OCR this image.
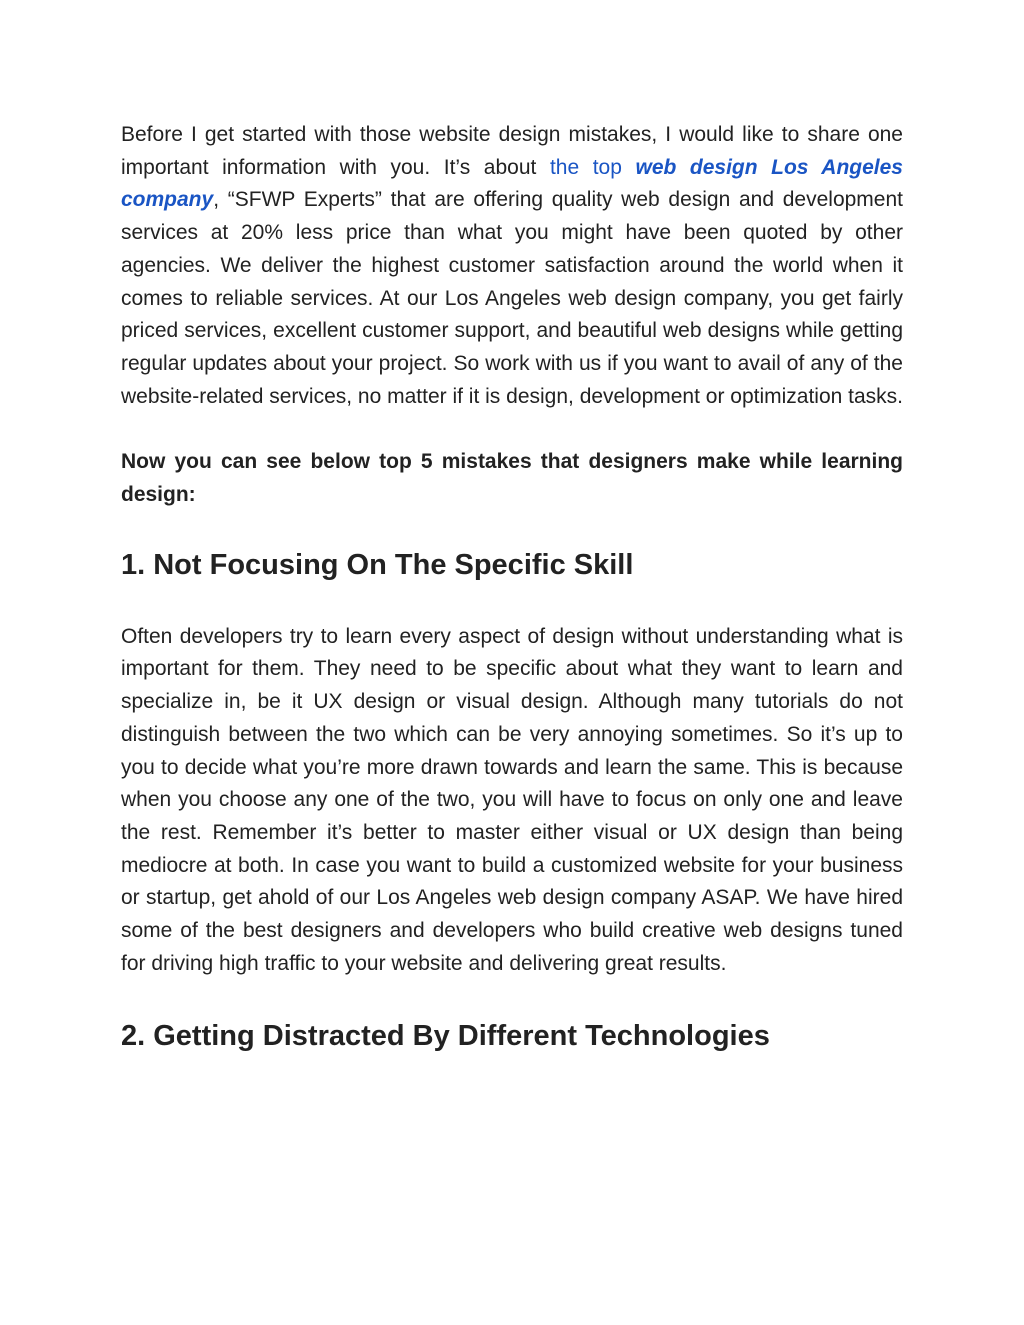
Before I get started with those website design mistakes, I would like to share one important information with you. It’s about the top web design Los Angeles company, “SFWP Experts” that are offering quality web design and development services at 20% less price than what you might have been quoted by other agencies. We deliver the highest customer satisfaction around the world when it comes to reliable services. At our Los Angeles web design company, you get fairly priced services, excellent customer support, and beautiful web designs while getting regular updates about your project. So work with us if you want to avail of any of the website-related services, no matter if it is design, development or optimization tasks.

Now you can see below top 5 mistakes that designers make while learning design:

1. Not Focusing On The Specific Skill

Often developers try to learn every aspect of design without understanding what is important for them. They need to be specific about what they want to learn and specialize in, be it UX design or visual design. Although many tutorials do not distinguish between the two which can be very annoying sometimes. So it’s up to you to decide what you’re more drawn towards and learn the same. This is because when you choose any one of the two, you will have to focus on only one and leave the rest. Remember it’s better to master either visual or UX design than being mediocre at both. In case you want to build a customized website for your business or startup, get ahold of our Los Angeles web design company ASAP. We have hired some of the best designers and developers who build creative web designs tuned for driving high traffic to your website and delivering great results.

2. Getting Distracted By Different Technologies
